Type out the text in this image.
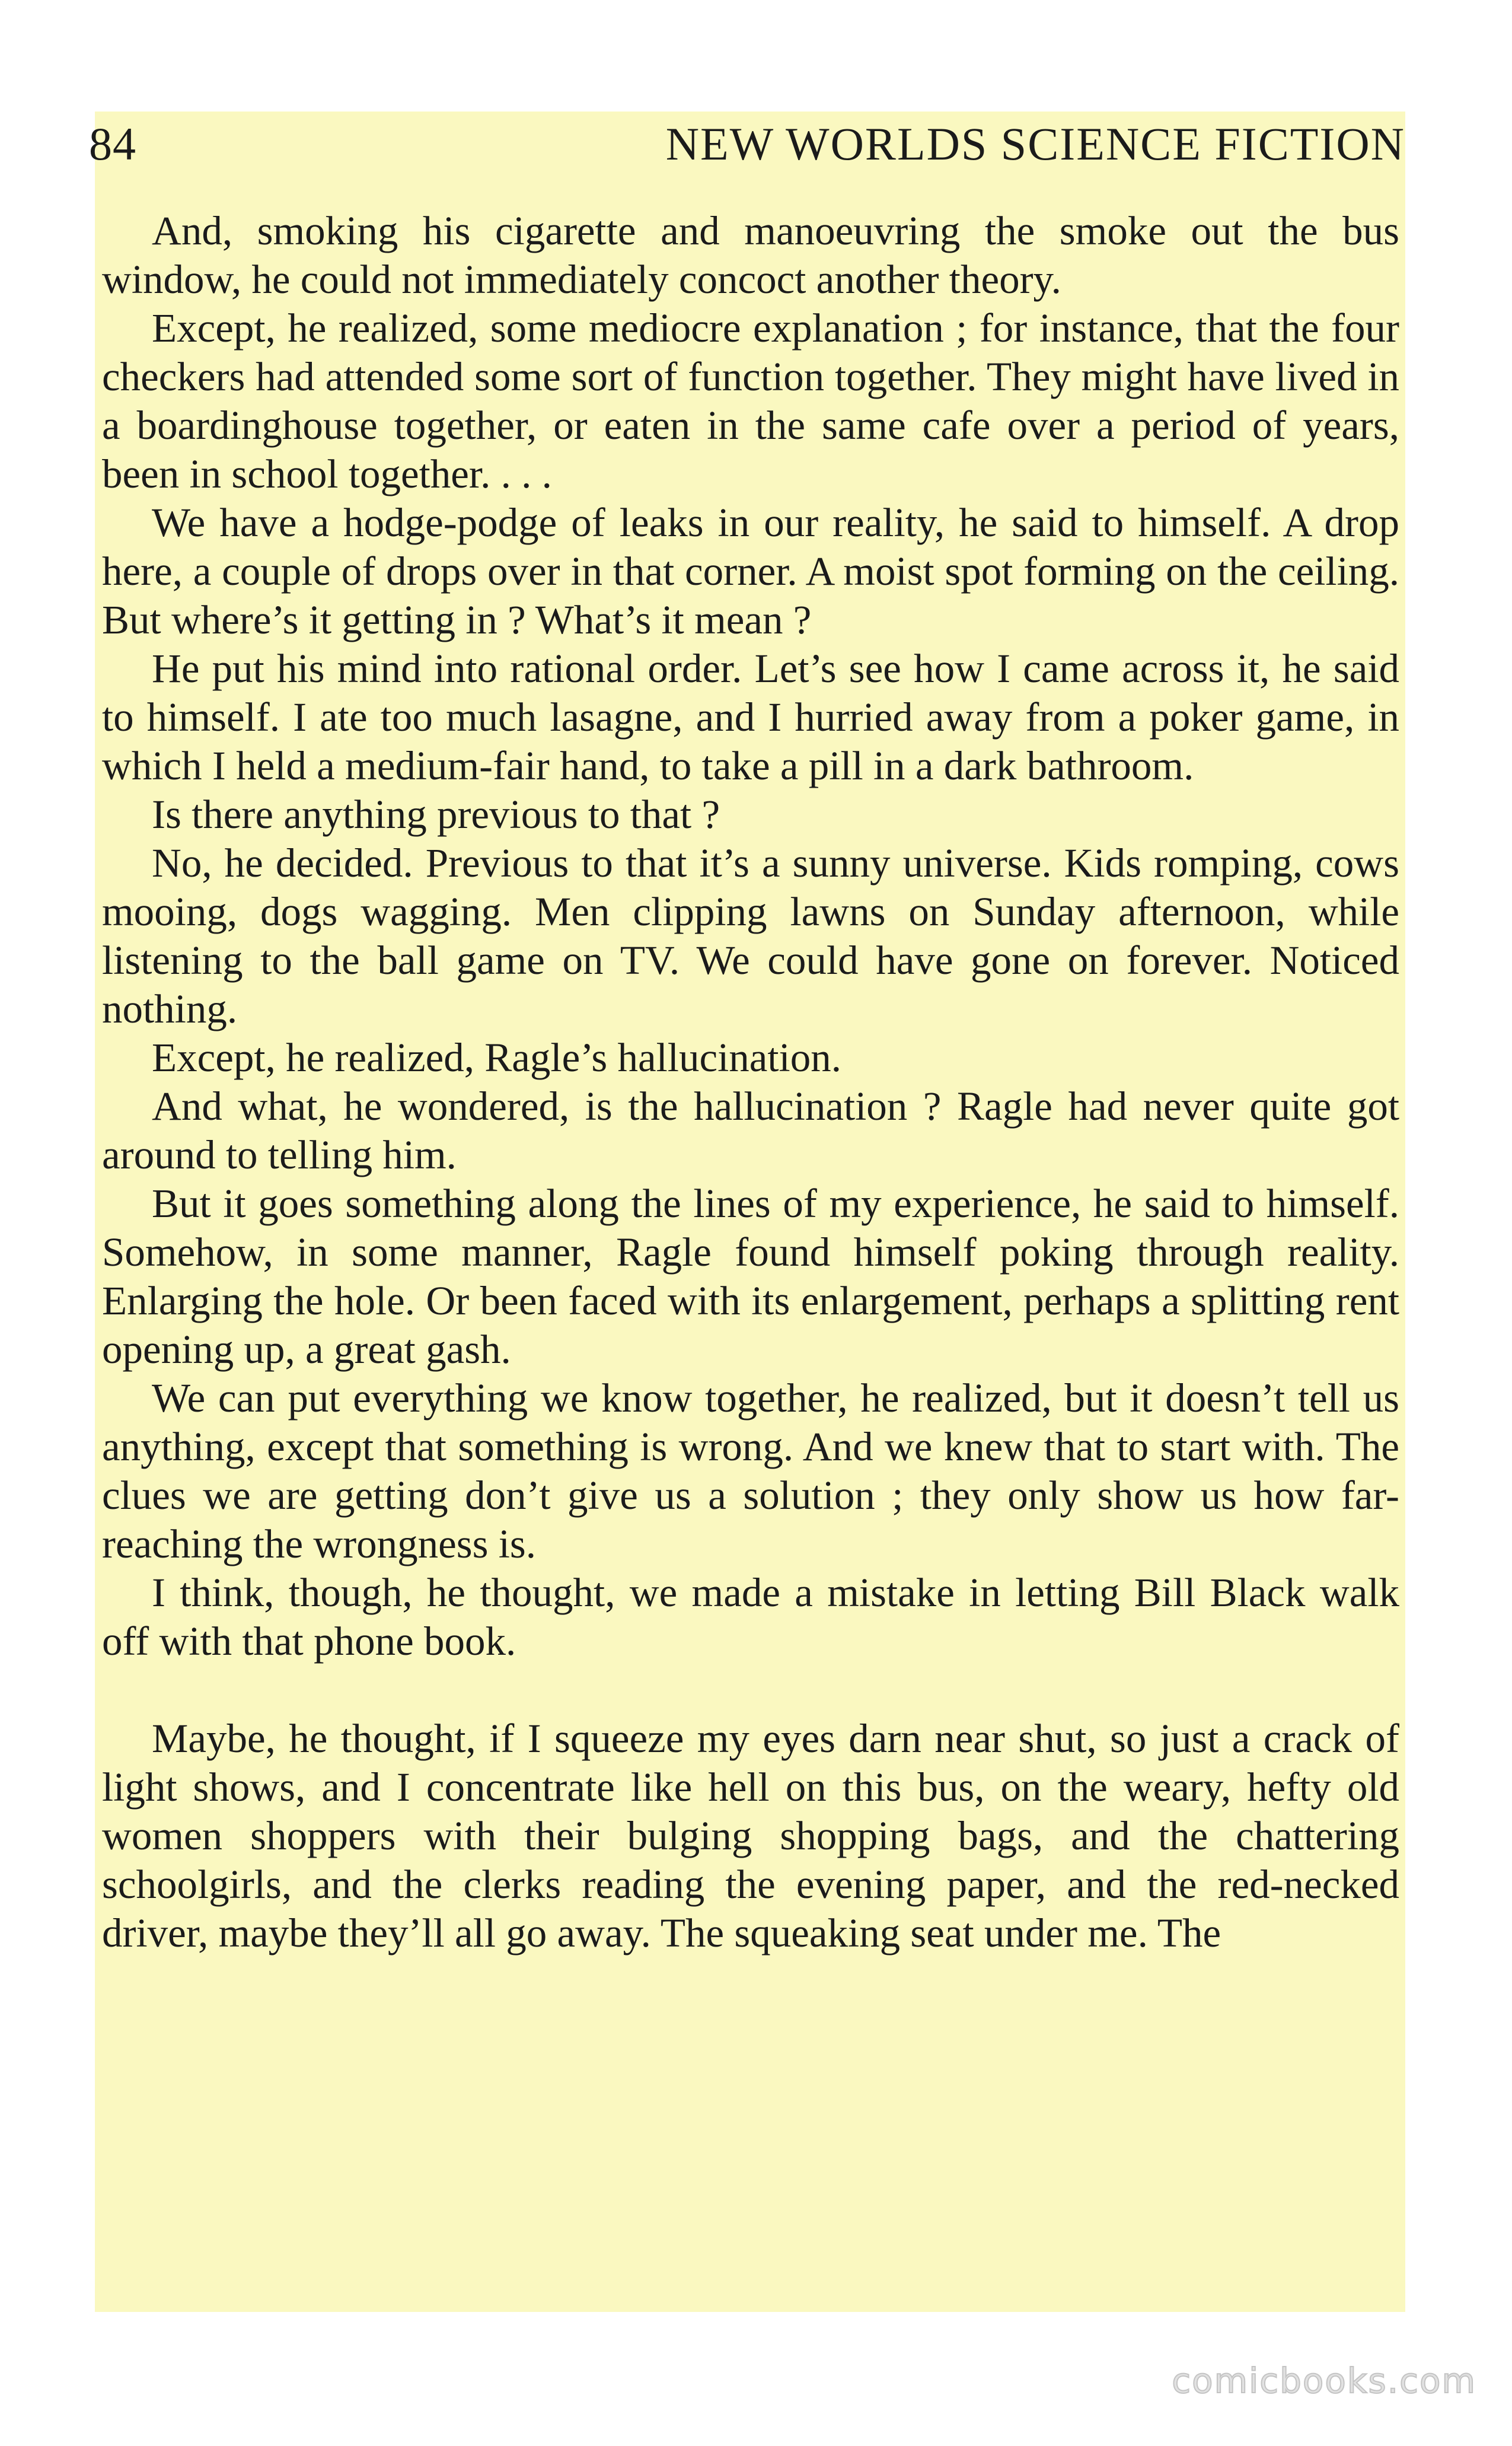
84	NEW WORLDS SCIENCE FICTION

And, smoking his cigarette and manoeuvring the smoke out the bus window, he could not immediately concoct another theory.

Except, he realized, some mediocre explanation ; for instance, that the four checkers had attended some sort of function together. They might have lived in a boardinghouse together, or eaten in the same cafe over a period of years, been in school together. . . .

We have a hodge-podge of leaks in our reality, he said to himself. A drop here, a couple of drops over in that corner. A moist spot forming on the ceiling. But where’s it getting in ? What’s it mean ?

He put his mind into rational order. Let’s see how I came across it, he said to himself. I ate too much lasagne, and I hurried away from a poker game, in which I held a medium-fair hand, to take a pill in a dark bathroom.

Is there anything previous to that ?

No, he decided. Previous to that it’s a sunny universe. Kids romping, cows mooing, dogs wagging. Men clipping lawns on Sunday afternoon, while listening to the ball game on TV. We could have gone on forever. Noticed nothing.

Except, he realized, Ragle’s hallucination.

And what, he wondered, is the hallucination ? Ragle had never quite got around to telling him.

But it goes something along the lines of my experience, he said to himself. Somehow, in some manner, Ragle found himself poking through reality. Enlarging the hole. Or been faced with its enlargement, perhaps a splitting rent opening up, a great gash.

We can put everything we know together, he realized, but it doesn’t tell us anything, except that something is wrong. And we knew that to start with. The clues we are getting don’t give us a solution ; they only show us how far-reaching the wrongness is.

I think, though, he thought, we made a mistake in letting Bill Black walk off with that phone book.

Maybe, he thought, if I squeeze my eyes darn near shut, so just a crack of light shows, and I concentrate like hell on this bus, on the weary, hefty old women shoppers with their bulging shopping bags, and the chattering schoolgirls, and the clerks reading the evening paper, and the red-necked driver, maybe they’ll all go away. The squeaking seat under me. The

comicbooks.com
